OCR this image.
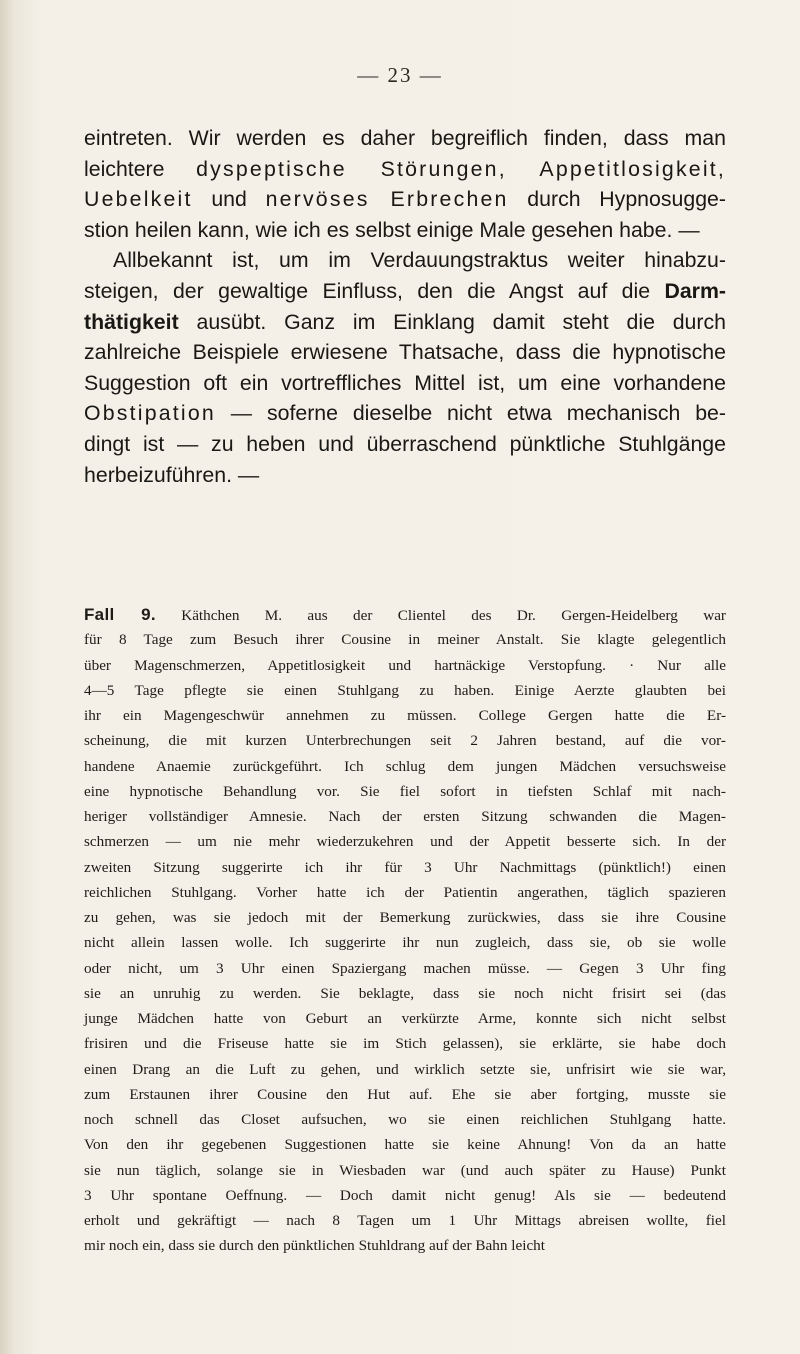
— 23 —
eintreten. Wir werden es daher begreiflich finden, dass man
leichtere dyspeptische Störungen, Appetitlosigkeit,
Uebelkeit und nervöses Erbrechen durch Hypnosugge-
stion heilen kann, wie ich es selbst einige Male gesehen habe. —
Allbekannt ist, um im Verdauungstraktus weiter hinabzu-
steigen, der gewaltige Einfluss, den die Angst auf die Darm-
thätigkeit ausübt. Ganz im Einklang damit steht die durch
zahlreiche Beispiele erwiesene Thatsache, dass die hypnotische
Suggestion oft ein vortreffliches Mittel ist, um eine vorhandene
Obstipation — soferne dieselbe nicht etwa mechanisch be-
dingt ist — zu heben und überraschend pünktliche Stuhlgänge
herbeizuführen. —
Fall 9. Käthchen M. aus der Clientel des Dr. Gergen-Heidelberg war
für 8 Tage zum Besuch ihrer Cousine in meiner Anstalt. Sie klagte gelegentlich
über Magenschmerzen, Appetitlosigkeit und hartnäckige Verstopfung. · Nur alle
4—5 Tage pflegte sie einen Stuhlgang zu haben. Einige Aerzte glaubten bei
ihr ein Magengeschwür annehmen zu müssen. College Gergen hatte die Er-
scheinung, die mit kurzen Unterbrechungen seit 2 Jahren bestand, auf die vor-
handene Anaemie zurückgeführt. Ich schlug dem jungen Mädchen versuchsweise
eine hypnotische Behandlung vor. Sie fiel sofort in tiefsten Schlaf mit nach-
heriger vollständiger Amnesie. Nach der ersten Sitzung schwanden die Magen-
schmerzen — um nie mehr wiederzukehren und der Appetit besserte sich. In der
zweiten Sitzung suggerirte ich ihr für 3 Uhr Nachmittags (pünktlich!) einen
reichlichen Stuhlgang. Vorher hatte ich der Patientin angerathen, täglich spazieren
zu gehen, was sie jedoch mit der Bemerkung zurückwies, dass sie ihre Cousine
nicht allein lassen wolle. Ich suggerirte ihr nun zugleich, dass sie, ob sie wolle
oder nicht, um 3 Uhr einen Spaziergang machen müsse. — Gegen 3 Uhr fing
sie an unruhig zu werden. Sie beklagte, dass sie noch nicht frisirt sei (das
junge Mädchen hatte von Geburt an verkürzte Arme, konnte sich nicht selbst
frisiren und die Friseuse hatte sie im Stich gelassen), sie erklärte, sie habe doch
einen Drang an die Luft zu gehen, und wirklich setzte sie, unfrisirt wie sie war,
zum Erstaunen ihrer Cousine den Hut auf. Ehe sie aber fortging, musste sie
noch schnell das Closet aufsuchen, wo sie einen reichlichen Stuhlgang hatte.
Von den ihr gegebenen Suggestionen hatte sie keine Ahnung! Von da an hatte
sie nun täglich, solange sie in Wiesbaden war (und auch später zu Hause) Punkt
3 Uhr spontane Oeffnung. — Doch damit nicht genug! Als sie — bedeutend
erholt und gekräftigt — nach 8 Tagen um 1 Uhr Mittags abreisen wollte, fiel
mir noch ein, dass sie durch den pünktlichen Stuhldrang auf der Bahn leicht
